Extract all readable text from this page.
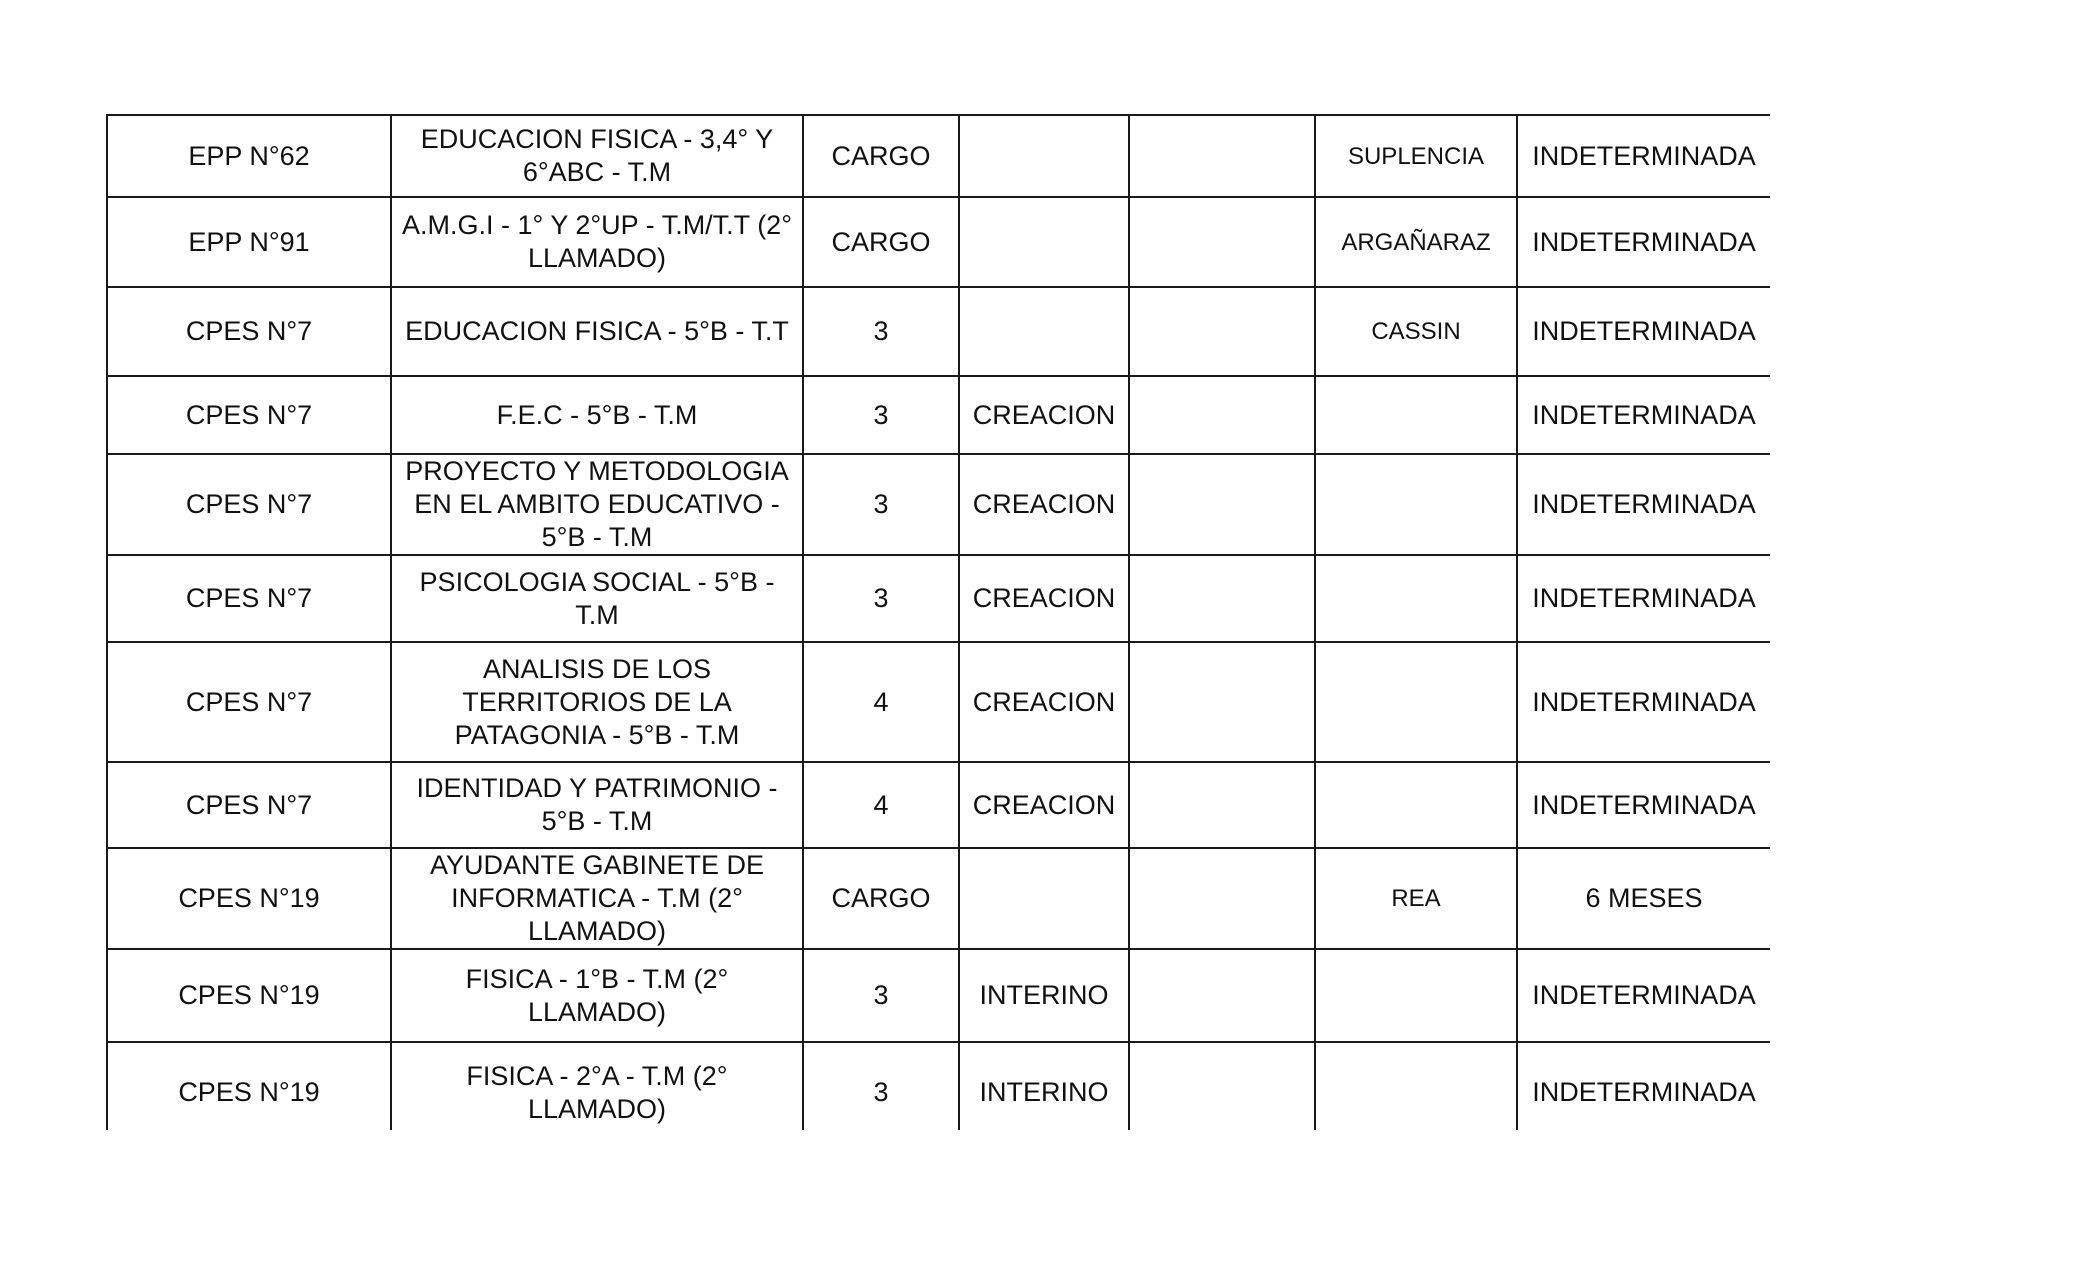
EPP N°62	EDUCACION FISICA - 3,4° Y 6°ABC - T.M	CARGO			SUPLENCIA	INDETERMINADA
EPP N°91	A.M.G.I - 1° Y 2°UP - T.M/T.T (2° LLAMADO)	CARGO			ARGAÑARAZ	INDETERMINADA
CPES N°7	EDUCACION FISICA - 5°B - T.T	3			CASSIN	INDETERMINADA
CPES N°7	F.E.C - 5°B - T.M	3	CREACION			INDETERMINADA
CPES N°7	PROYECTO Y METODOLOGIA EN EL AMBITO EDUCATIVO - 5°B - T.M	3	CREACION			INDETERMINADA
CPES N°7	PSICOLOGIA SOCIAL - 5°B - T.M	3	CREACION			INDETERMINADA
CPES N°7	ANALISIS DE LOS TERRITORIOS DE LA PATAGONIA - 5°B - T.M	4	CREACION			INDETERMINADA
CPES N°7	IDENTIDAD Y PATRIMONIO - 5°B - T.M	4	CREACION			INDETERMINADA
CPES N°19	AYUDANTE GABINETE DE INFORMATICA - T.M (2° LLAMADO)	CARGO			REA	6 MESES
CPES N°19	FISICA - 1°B - T.M (2° LLAMADO)	3	INTERINO			INDETERMINADA
CPES N°19	FISICA - 2°A - T.M (2° LLAMADO)	3	INTERINO			INDETERMINADA
